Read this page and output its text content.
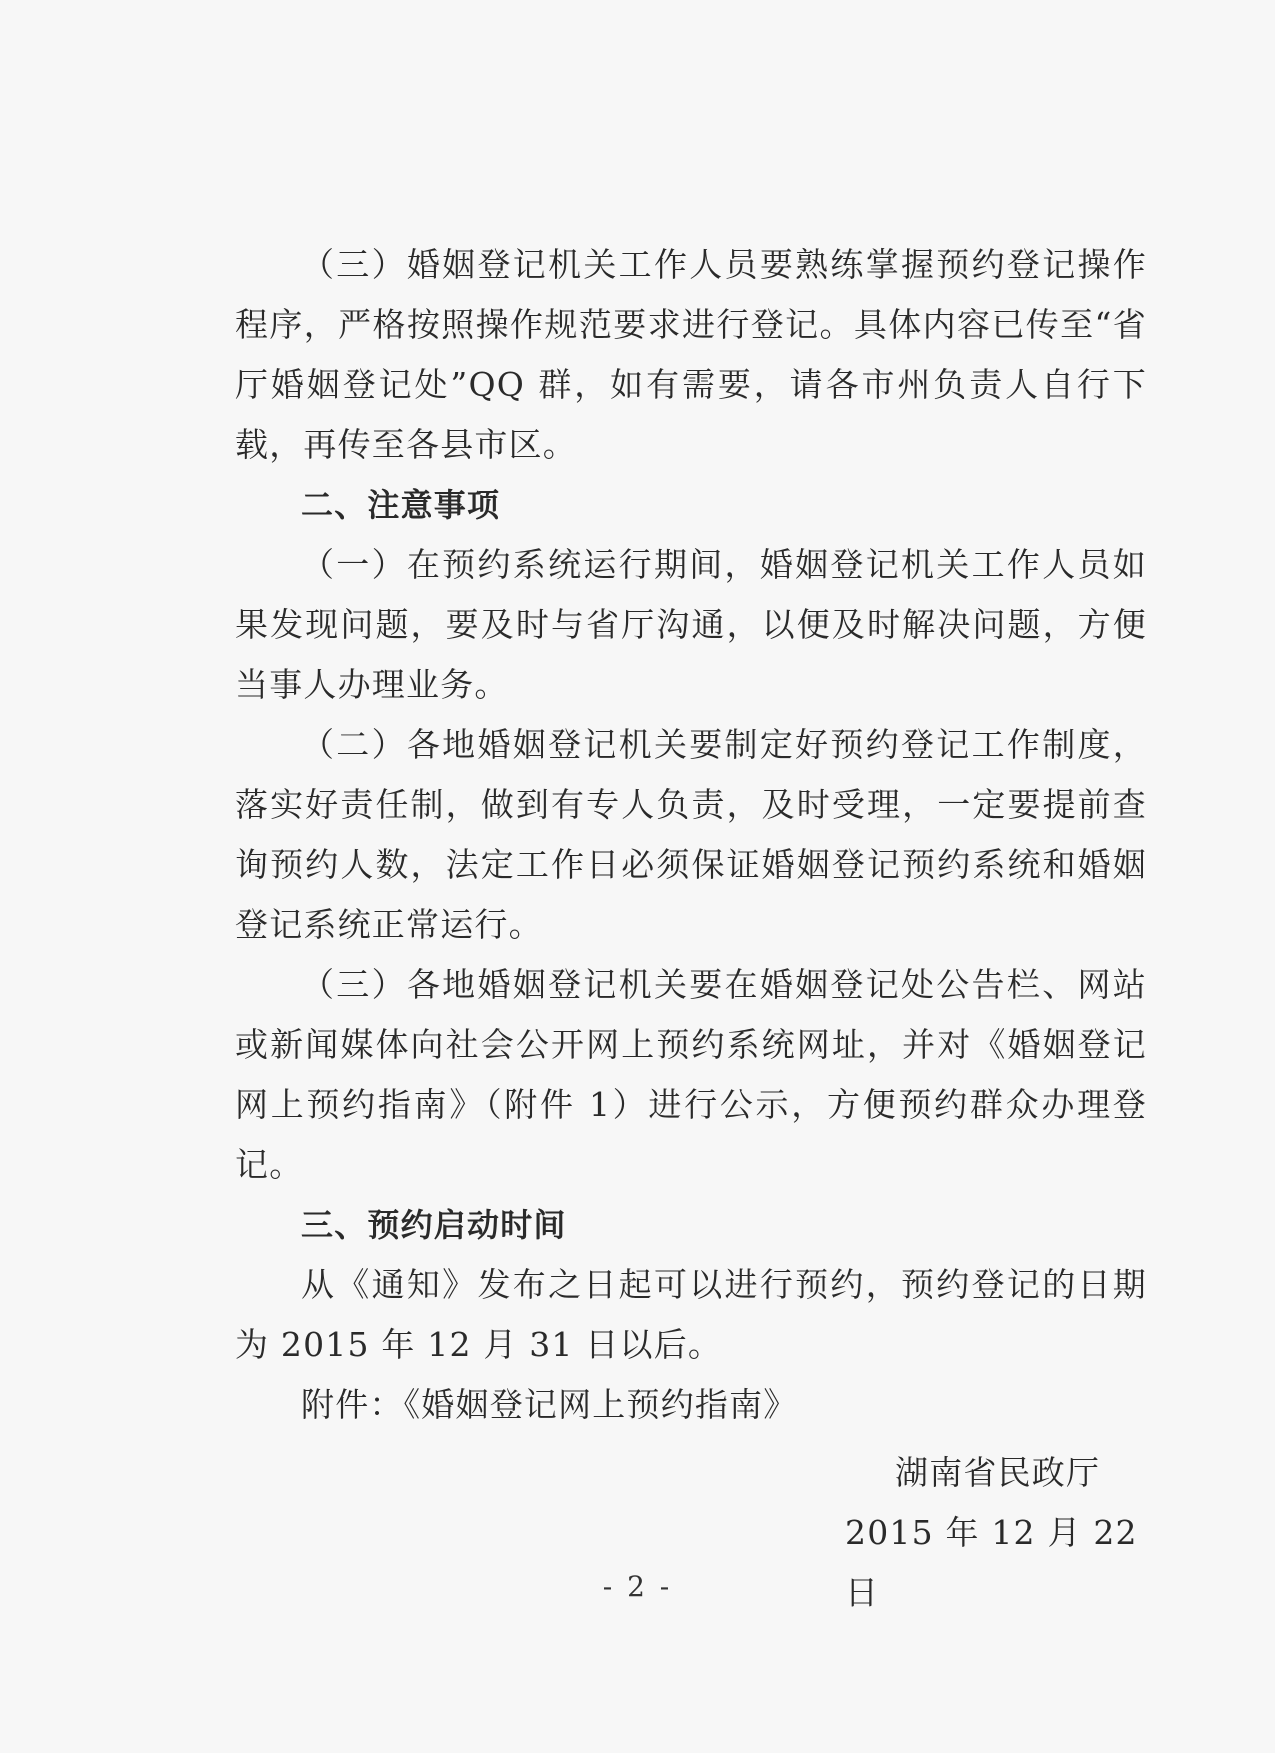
（三）婚姻登记机关工作人员要熟练掌握预约登记操作程序，严格按照操作规范要求进行登记。具体内容已传至“省厅婚姻登记处”QQ 群，如有需要，请各市州负责人自行下载，再传至各县市区。

二、注意事项

（一）在预约系统运行期间，婚姻登记机关工作人员如果发现问题，要及时与省厅沟通，以便及时解决问题，方便当事人办理业务。

（二）各地婚姻登记机关要制定好预约登记工作制度，落实好责任制，做到有专人负责，及时受理，一定要提前查询预约人数，法定工作日必须保证婚姻登记预约系统和婚姻登记系统正常运行。

（三）各地婚姻登记机关要在婚姻登记处公告栏、网站或新闻媒体向社会公开网上预约系统网址，并对《婚姻登记网上预约指南》（附件 1）进行公示，方便预约群众办理登记。

三、预约启动时间

从《通知》发布之日起可以进行预约，预约登记的日期为 2015 年 12 月 31 日以后。

附件：《婚姻登记网上预约指南》

湖南省民政厅
2015 年 12 月 22 日
- 2 -
